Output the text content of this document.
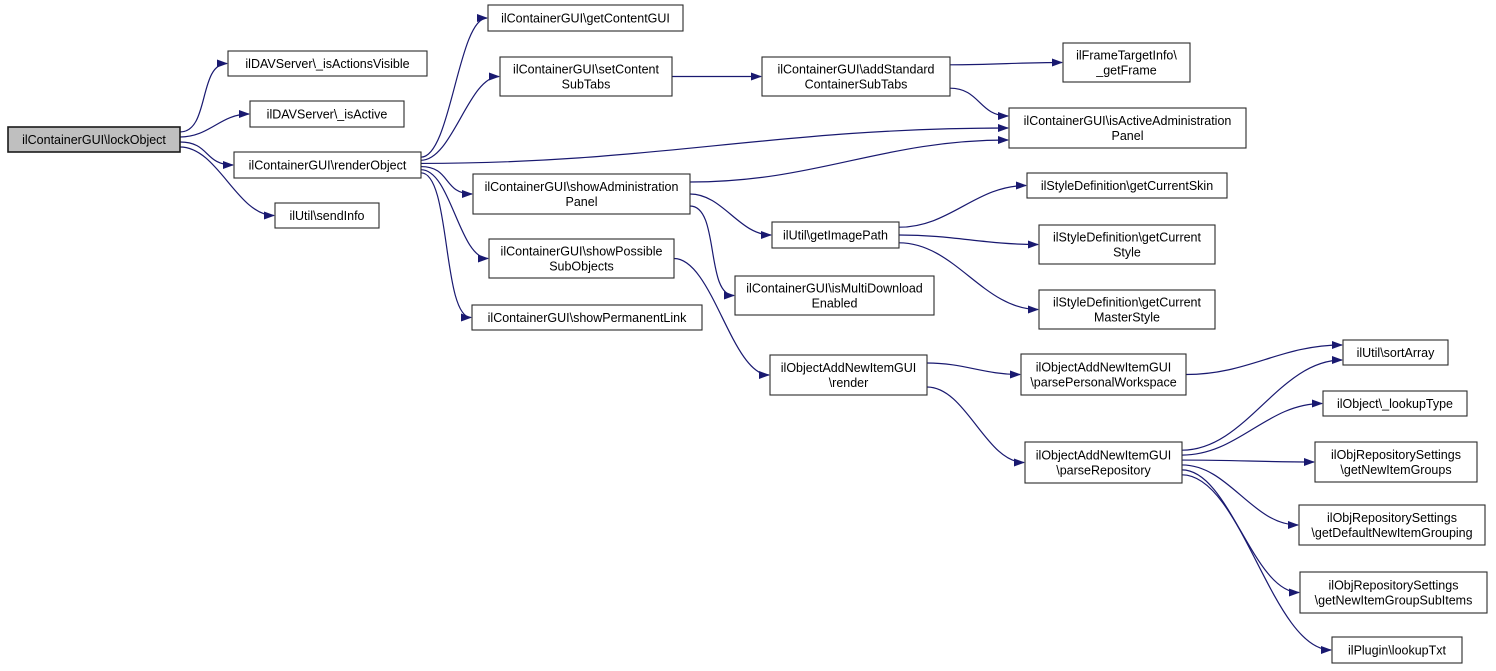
ilContainerGUI\lockObject
ilDAVServer\_isActionsVisible
ilDAVServer\_isActive
ilContainerGUI\renderObject
ilUtil\sendInfo
ilContainerGUI\getContentGUI
ilContainerGUI\setContent SubTabs
ilContainerGUI\addStandard ContainerSubTabs
ilFrameTargetInfo\ _getFrame
ilContainerGUI\isActiveAdministration Panel
ilContainerGUI\showAdministration Panel
ilContainerGUI\showPossible SubObjects
ilContainerGUI\showPermanentLink
ilUtil\getImagePath
ilContainerGUI\isMultiDownload Enabled
ilStyleDefinition\getCurrentSkin
ilStyleDefinition\getCurrent Style
ilStyleDefinition\getCurrent MasterStyle
ilObjectAddNewItemGUI \render
ilObjectAddNewItemGUI \parsePersonalWorkspace
ilObjectAddNewItemGUI \parseRepository
ilUtil\sortArray
ilObject\_lookupType
ilObjRepositorySettings \getNewItemGroups
ilObjRepositorySettings \getDefaultNewItemGrouping
ilObjRepositorySettings \getNewItemGroupSubItems
ilPlugin\lookupTxt
